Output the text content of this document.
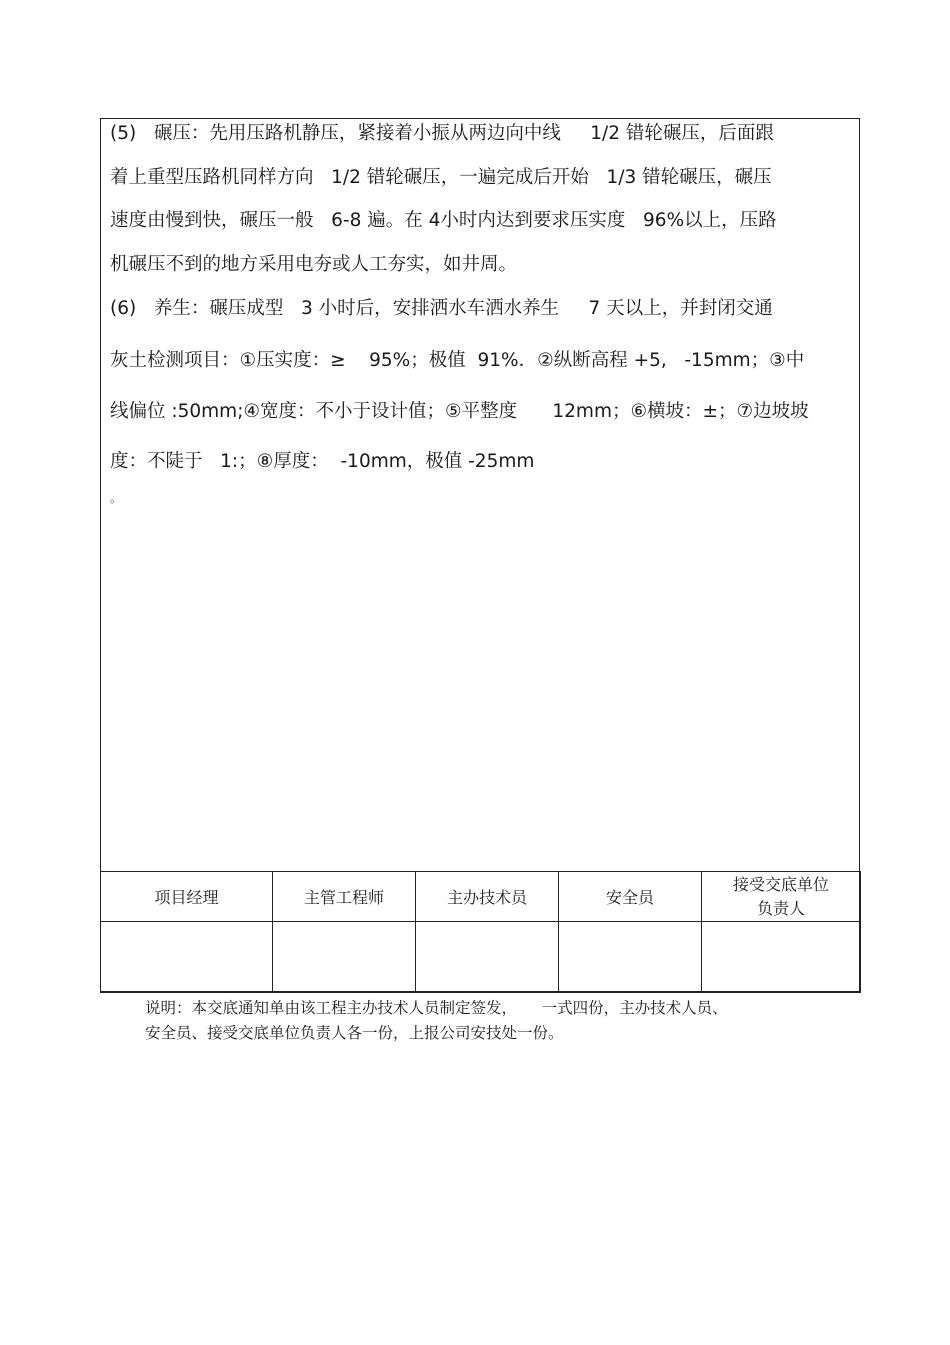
(5)   碾压：先用压路机静压，紧接着小振从两边向中线     1/2 错轮碾压，后面跟
着上重型压路机同样方向   1/2 错轮碾压，一遍完成后开始   1/3 错轮碾压，碾压
速度由慢到快，碾压一般   6-8 遍。在 4小时内达到要求压实度   96%以上，压路
机碾压不到的地方采用电夯或人工夯实，如井周。
(6)   养生：碾压成型   3 小时后，安排洒水车洒水养生     7 天以上，并封闭交通
灰土检测项目：①压实度：≥    95%；极值  91%．②纵断高程 +5,   -15mm；③中
线偏位 :50mm;④宽度：不小于设计值；⑤平整度      12mm；⑥横坡：±；⑦边坡坡
度：不陡于   1:；⑧厚度：  -10mm，极值 -25mm
。
项目经理	主管工程师	主办技术员	安全员	接受交底单位
负责人

说明：本交底通知单由该工程主办技术人员制定签发，     一式四份，主办技术人员、
安全员、接受交底单位负责人各一份，上报公司安技处一份。
